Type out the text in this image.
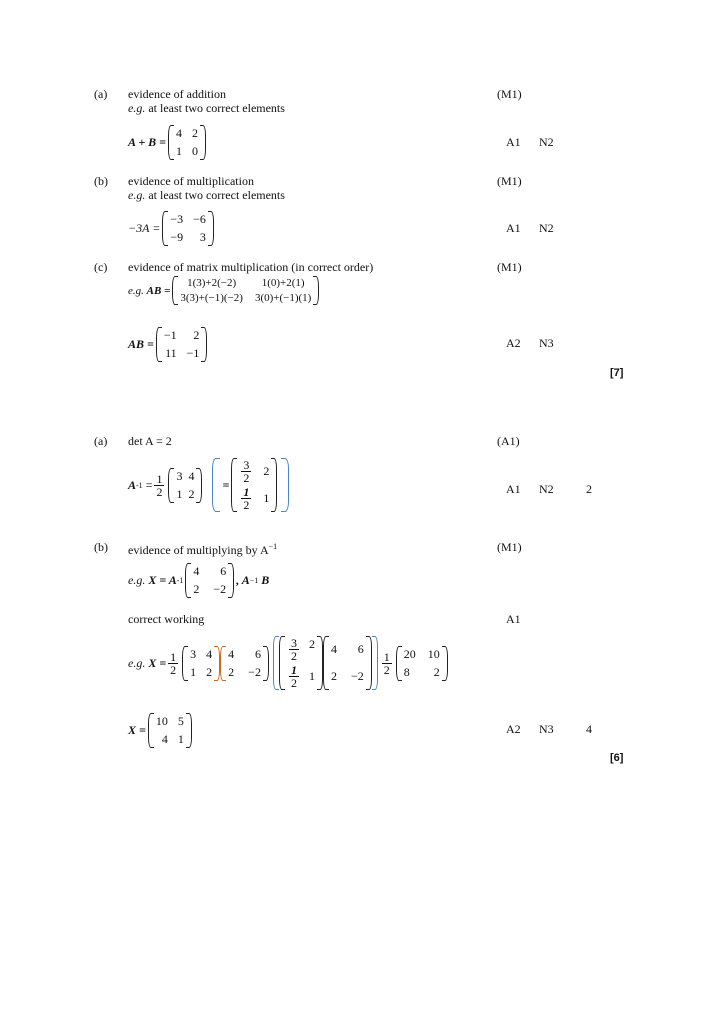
(a) evidence of addition	(M1)
e.g. at least two correct elements
A + B =
4 2
1 0
A1 N2
(b) evidence of multiplication	(M1)
e.g. at least two correct elements
−3A =
−3 −6
−9	3
A1 N2
(c) evidence of matrix multiplication (in correct order)	(M1)
e.g.
AB =
1(3)+2(−2)	1(0)+2(1)
3(3)+(−1)(−2) 3(0)+(−1)(1)
AB =
−1	2
11 −1
A2 N3
[7]
(a) det A = 2	(A1)
A $-1 = \frac{1}{2} 3$ 4
1 2
=
$\frac{3}{2} 2$
$\frac{1}{2} 1$
A1 N2	2
(b) evidence of multiplying by $A^{-1}$	(M1)
e.g.
X = A -1
4	6
2 −2
, A −1
B
correct working	A1
e.g.
$X = \frac{1}{2} 3$ 4
1 2
4	6
2 −2
$\frac{3}{2} 2$
$\frac{1}{2} 1$
4	6
2 −2
$\frac{1}{2} 20$ 10
8	2
X =
10 5
4 1
A2 N3	4
[6]
